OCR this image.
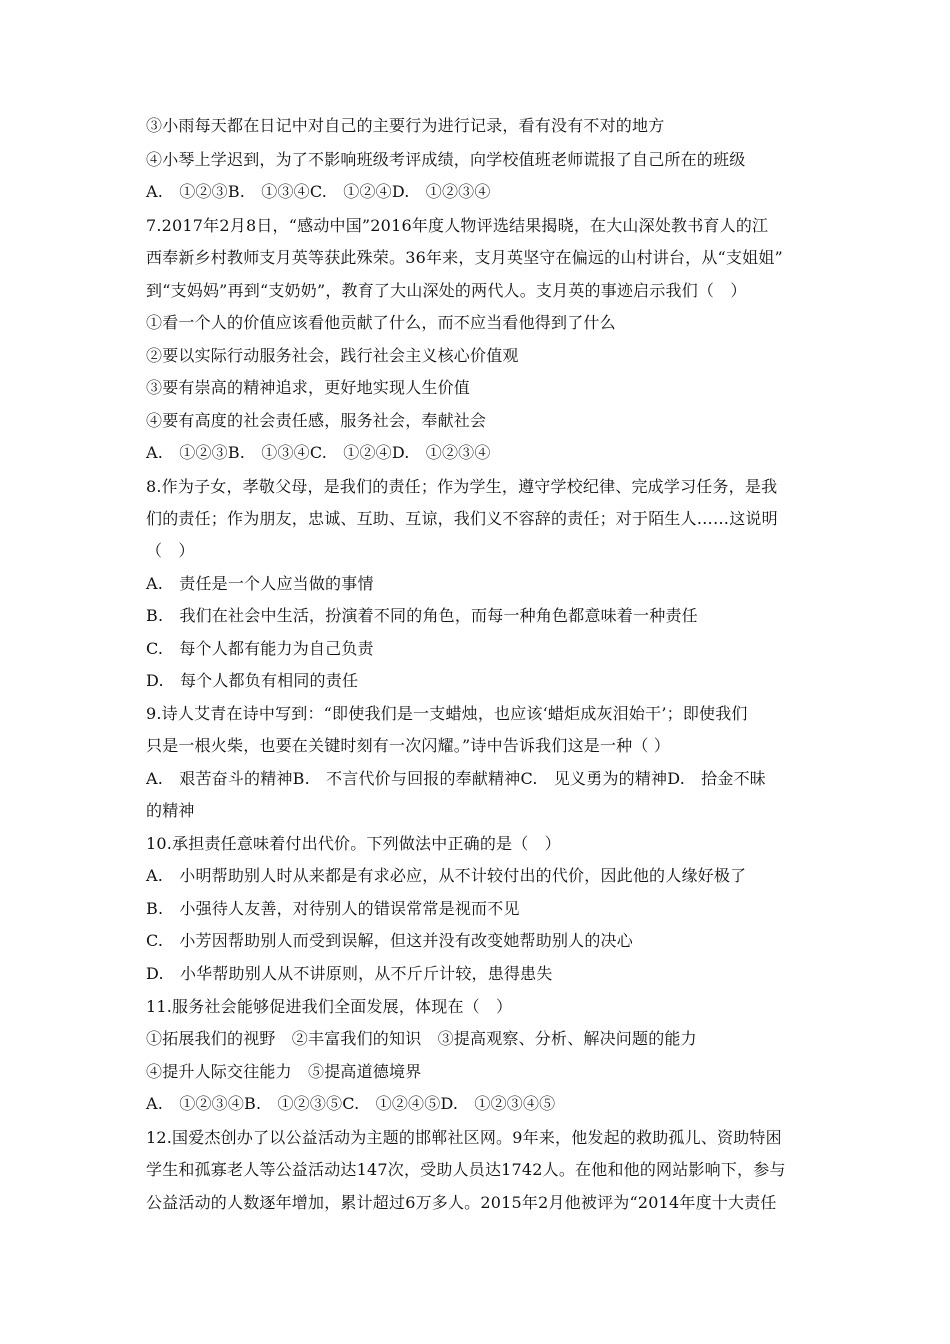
③小雨每天都在日记中对自己的主要行为进行记录，看有没有不对的地方
④小琴上学迟到，为了不影响班级考评成绩，向学校值班老师谎报了自己所在的班级
A.　①②③B.　①③④C.　①②④D.　①②③④
7.2017年2月8日，“感动中国”2016年度人物评选结果揭晓，在大山深处教书育人的江
西奉新乡村教师支月英等获此殊荣。36年来，支月英坚守在偏远的山村讲台，从“支姐姐”
到“支妈妈”再到“支奶奶”，教育了大山深处的两代人。支月英的事迹启示我们（　）
①看一个人的价值应该看他贡献了什么，而不应当看他得到了什么
②要以实际行动服务社会，践行社会主义核心价值观
③要有崇高的精神追求，更好地实现人生价值
④要有高度的社会责任感，服务社会，奉献社会
A.　①②③B.　①③④C.　①②④D.　①②③④
8.作为子女，孝敬父母，是我们的责任；作为学生，遵守学校纪律、完成学习任务，是我
们的责任；作为朋友，忠诚、互助、互谅，我们义不容辞的责任；对于陌生人……这说明
（　）
A.　责任是一个人应当做的事情
B.　我们在社会中生活，扮演着不同的角色，而每一种角色都意味着一种责任
C.　每个人都有能力为自己负责
D.　每个人都负有相同的责任
9.诗人艾青在诗中写到：“即使我们是一支蜡烛，也应该‘蜡炬成灰泪始干’；即使我们
只是一根火柴，也要在关键时刻有一次闪耀。”诗中告诉我们这是一种（ ）
A.　艰苦奋斗的精神B.　不言代价与回报的奉献精神C.　见义勇为的精神D.　拾金不昧
的精神
10.承担责任意味着付出代价。下列做法中正确的是（　）
A.　小明帮助别人时从来都是有求必应，从不计较付出的代价，因此他的人缘好极了
B.　小强待人友善，对待别人的错误常常是视而不见
C.　小芳因帮助别人而受到误解，但这并没有改变她帮助别人的决心
D.　小华帮助别人从不讲原则，从不斤斤计较，患得患失
11.服务社会能够促进我们全面发展，体现在（　）
①拓展我们的视野　②丰富我们的知识　③提高观察、分析、解决问题的能力
④提升人际交往能力　⑤提高道德境界
A.　①②③④B.　①②③⑤C.　①②④⑤D.　①②③④⑤
12.国爱杰创办了以公益活动为主题的邯郸社区网。9年来，他发起的救助孤儿、资助特困
学生和孤寡老人等公益活动达147次，受助人员达1742人。在他和他的网站影响下，参与
公益活动的人数逐年增加，累计超过6万多人。2015年2月他被评为“2014年度十大责任
